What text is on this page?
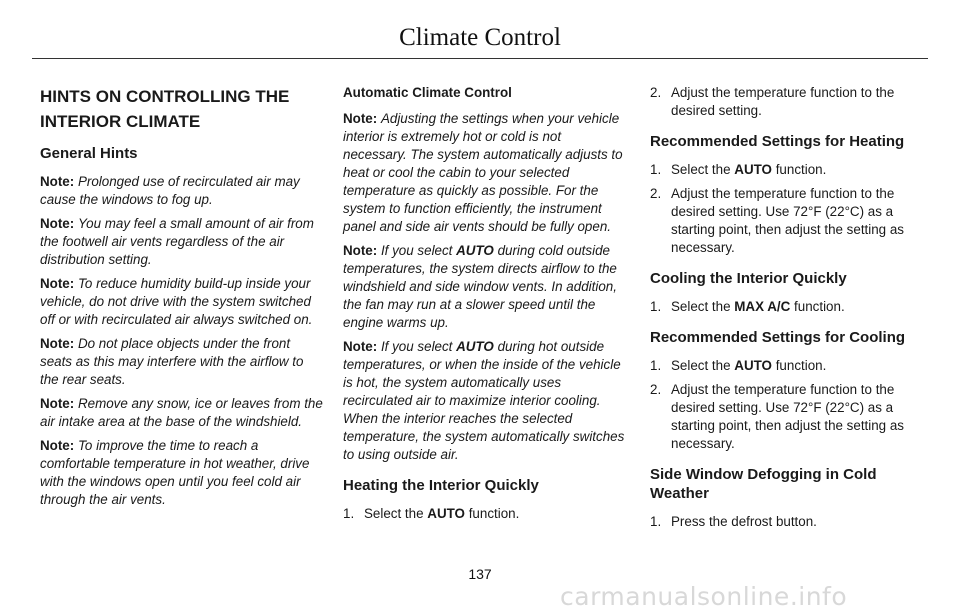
Climate Control
HINTS ON CONTROLLING THE
INTERIOR CLIMATE
General Hints

Note: Prolonged use of recirculated air may cause the windows to fog up.

Note: You may feel a small amount of air from the footwell air vents regardless of the air distribution setting.

Note: To reduce humidity build-up inside your vehicle, do not drive with the system switched off or with recirculated air always switched on.

Note: Do not place objects under the front seats as this may interfere with the airflow to the rear seats.

Note: Remove any snow, ice or leaves from the air intake area at the base of the windshield.

Note: To improve the time to reach a comfortable temperature in hot weather, drive with the windows open until you feel cold air through the air vents.

Automatic Climate Control

Note: Adjusting the settings when your vehicle interior is extremely hot or cold is not necessary. The system automatically adjusts to heat or cool the cabin to your selected temperature as quickly as possible. For the system to function efficiently, the instrument panel and side air vents should be fully open.

Note: If you select AUTO during cold outside temperatures, the system directs airflow to the windshield and side window vents. In addition, the fan may run at a slower speed until the engine warms up.

Note: If you select AUTO during hot outside temperatures, or when the inside of the vehicle is hot, the system automatically uses recirculated air to maximize interior cooling. When the interior reaches the selected temperature, the system automatically switches to using outside air.

Heating the Interior Quickly
1. Select the AUTO function.
2. Adjust the temperature function to the desired setting.
Recommended Settings for Heating
1. Select the AUTO function.
2. Adjust the temperature function to the desired setting. Use 72°F (22°C) as a starting point, then adjust the setting as necessary.
Cooling the Interior Quickly
1. Select the MAX A/C function.
Recommended Settings for Cooling
1. Select the AUTO function.
2. Adjust the temperature function to the desired setting. Use 72°F (22°C) as a starting point, then adjust the setting as necessary.
Side Window Defogging in Cold
Weather
1. Press the defrost button.
137
carmanualsonline.info
